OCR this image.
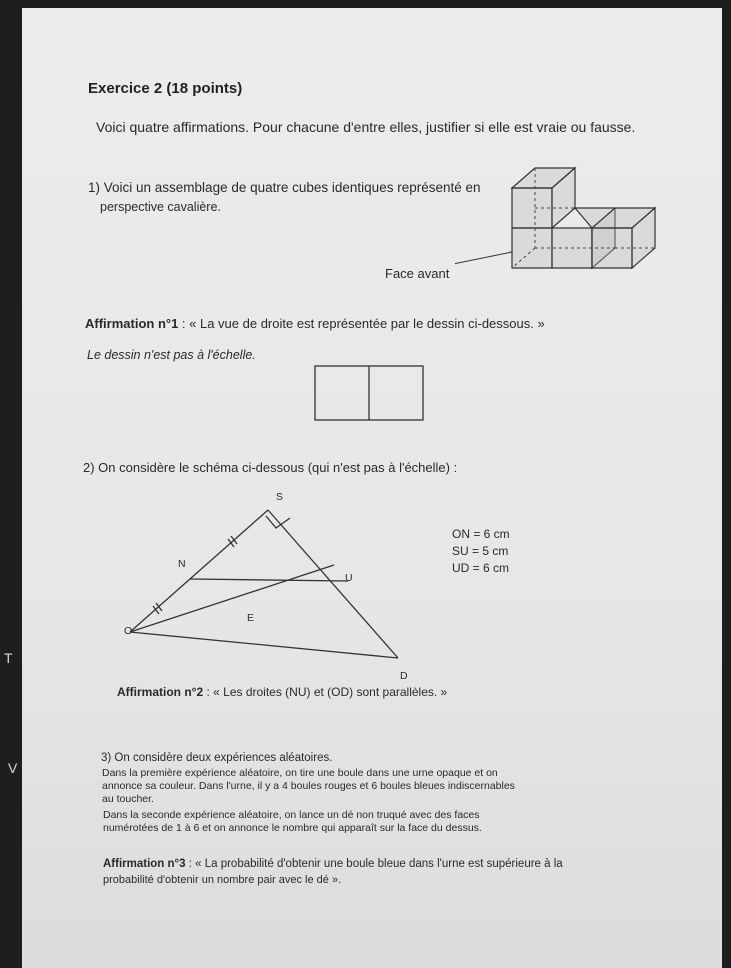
T
V
Exercice 2 (18 points)
Voici quatre affirmations. Pour chacune d'entre elles, justifier si elle est vraie ou fausse.
1) Voici un assemblage de quatre cubes identiques représenté en
perspective cavalière.
Face avant
Affirmation n°1 : « La vue de droite est représentée par le dessin ci-dessous. »
Le dessin n'est pas à l'échelle.
2) On considère le schéma ci-dessous (qui n'est pas à l'échelle) :
S
N
U
O
E
D
ON = 6 cm
SU = 5 cm
UD = 6 cm
Affirmation n°2 : « Les droites (NU) et (OD) sont parallèles. »
3) On considère deux expériences aléatoires.
Dans la première expérience aléatoire, on tire une boule dans une urne opaque et on
annonce sa couleur. Dans l'urne, il y a 4 boules rouges et 6 boules bleues indiscernables
au toucher.
Dans la seconde expérience aléatoire, on lance un dé non truqué avec des faces
numérotées de 1 à 6 et on annonce le nombre qui apparaît sur la face du dessus.
Affirmation n°3 : « La probabilité d'obtenir une boule bleue dans l'urne est supérieure à la
probabilité d'obtenir un nombre pair avec le dé ».
